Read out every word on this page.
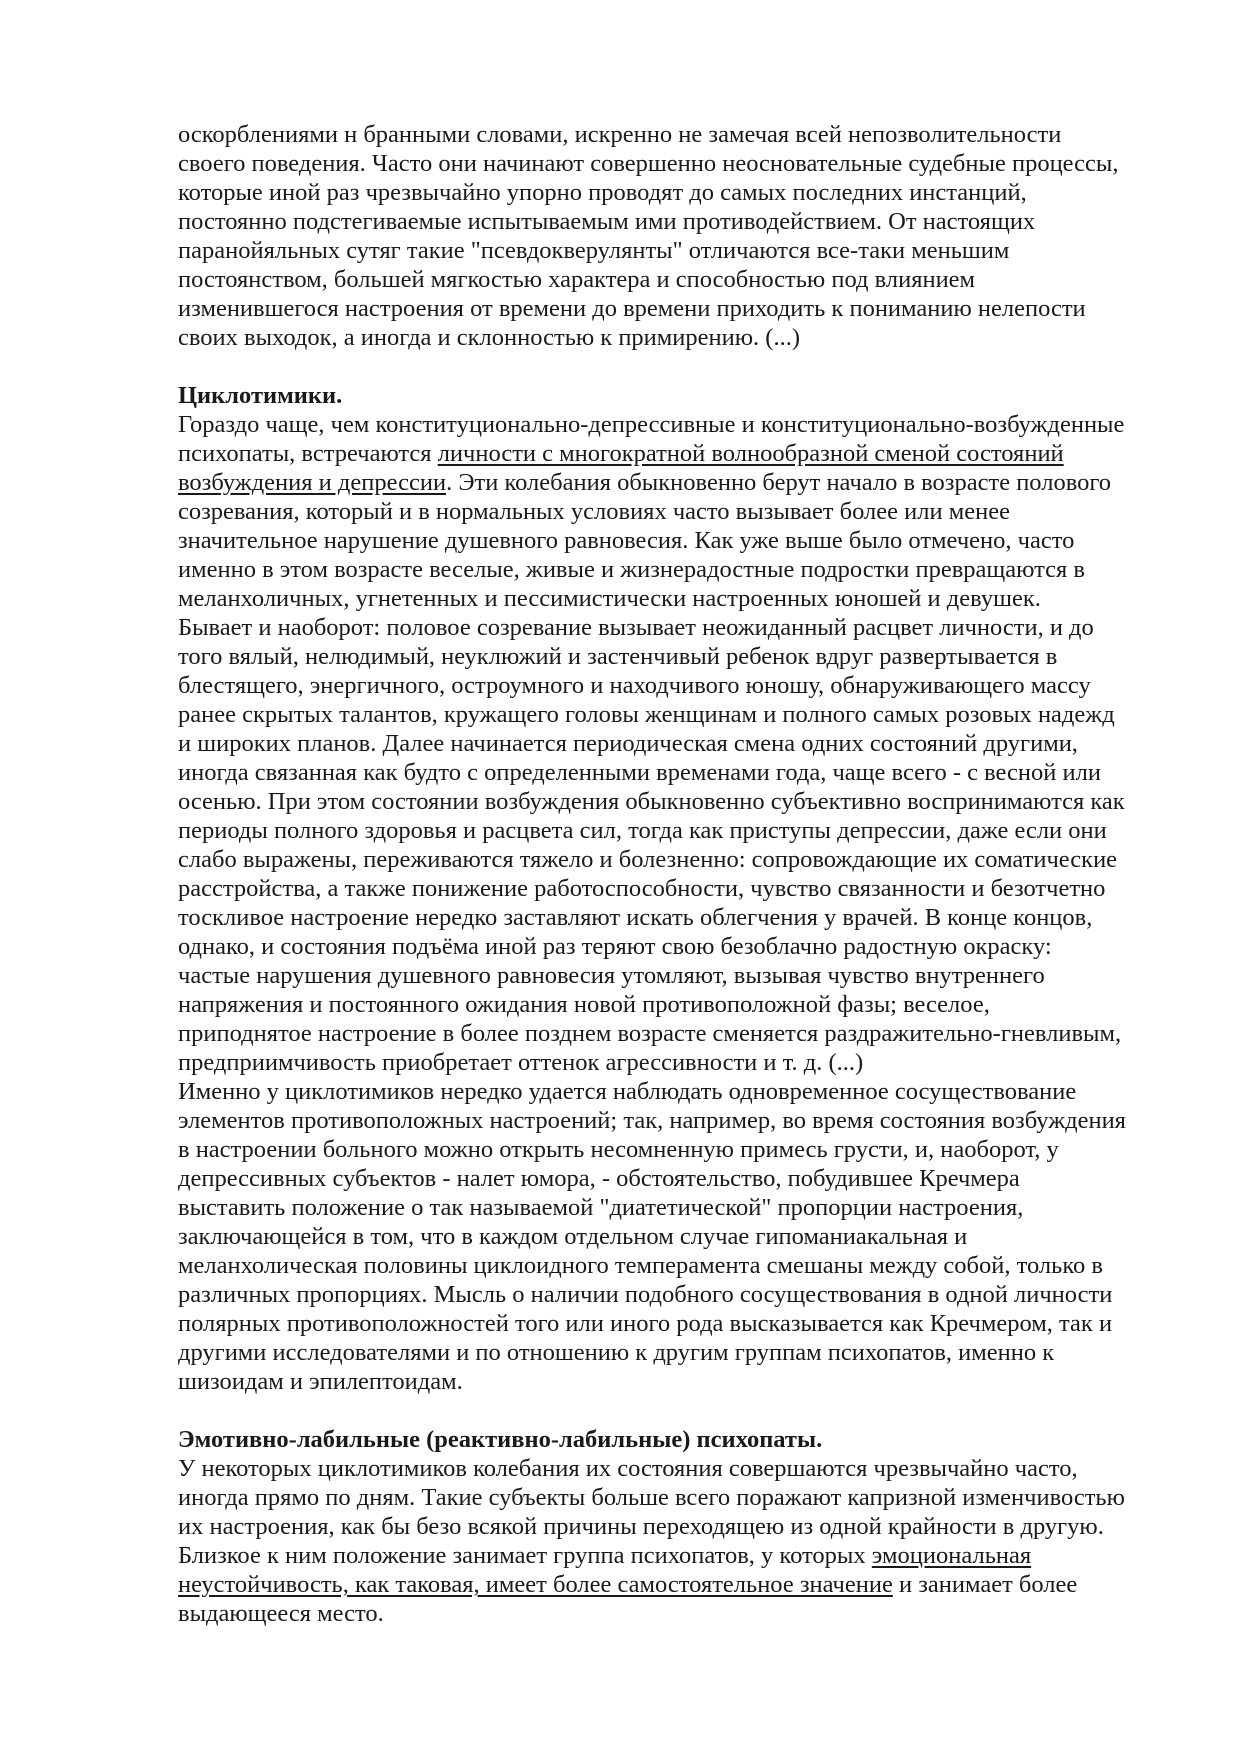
оскорблениями н бранными словами, искренно не замечая всей непозволительности
своего поведения. Часто они начинают совершенно неосновательные судебные процессы,
которые иной раз чрезвычайно упорно проводят до самых последних инстанций,
постоянно подстегиваемые испытываемым ими противодействием. От настоящих
паранойяльных сутяг такие "псевдокверулянты" отличаются все-таки меньшим
постоянством, большей мягкостью характера и способностью под влиянием
изменившегося настроения от времени до времени приходить к пониманию нелепости
своих выходок, а иногда и склонностью к примирению. (...)
Циклотимики.
Гораздо чаще, чем конституционально-депрессивные и конституционально-возбужденные
психопаты, встречаются личности с многократной волнообразной сменой состояний
возбуждения и депрессии. Эти колебания обыкновенно берут начало в возрасте полового
созревания, который и в нормальных условиях часто вызывает более или менее
значительное нарушение душевного равновесия. Как уже выше было отмечено, часто
именно в этом возрасте веселые, живые и жизнерадостные подростки превращаются в
меланхоличных, угнетенных и пессимистически настроенных юношей и девушек.
Бывает и наоборот: половое созревание вызывает неожиданный расцвет личности, и до
того вялый, нелюдимый, неуклюжий и застенчивый ребенок вдруг развертывается в
блестящего, энергичного, остроумного и находчивого юношу, обнаруживающего массу
ранее скрытых талантов, кружащего головы женщинам и полного самых розовых надежд
и широких планов. Далее начинается периодическая смена одних состояний другими,
иногда связанная как будто с определенными временами года, чаще всего - с весной или
осенью. При этом состоянии возбуждения обыкновенно субъективно воспринимаются как
периоды полного здоровья и расцвета сил, тогда как приступы депрессии, даже если они
слабо выражены, переживаются тяжело и болезненно: сопровождающие их соматические
расстройства, а также понижение работоспособности, чувство связанности и безотчетно
тоскливое настроение нередко заставляют искать облегчения у врачей. В конце концов,
однако, и состояния подъёма иной раз теряют свою безоблачно радостную окраску:
частые нарушения душевного равновесия утомляют, вызывая чувство внутреннего
напряжения и постоянного ожидания новой противоположной фазы; веселое,
приподнятое настроение в более позднем возрасте сменяется раздражительно-гневливым,
предприимчивость приобретает оттенок агрессивности и т. д. (...)
Именно у циклотимиков нередко удается наблюдать одновременное сосуществование
элементов противоположных настроений; так, например, во время состояния возбуждения
в настроении больного можно открыть несомненную примесь грусти, и, наоборот, у
депрессивных субъектов - налет юмора, - обстоятельство, побудившее Кречмера
выставить положение о так называемой "диатетической" пропорции настроения,
заключающейся в том, что в каждом отдельном случае гипоманиакальная и
меланхолическая половины циклоидного темперамента смешаны между собой, только в
различных пропорциях. Мысль о наличии подобного сосуществования в одной личности
полярных противоположностей того или иного рода высказывается как Кречмером, так и
другими исследователями и по отношению к другим группам психопатов, именно к
шизоидам и эпилептоидам.
Эмотивно-лабильные (реактивно-лабильные) психопаты.
У некоторых циклотимиков колебания их состояния совершаются чрезвычайно часто,
иногда прямо по дням. Такие субъекты больше всего поражают капризной изменчивостью
их настроения, как бы безо всякой причины переходящею из одной крайности в другую.
Близкое к ним положение занимает группа психопатов, у которых эмоциональная
неустойчивость, как таковая, имеет более самостоятельное значение и занимает более
выдающееся место.
